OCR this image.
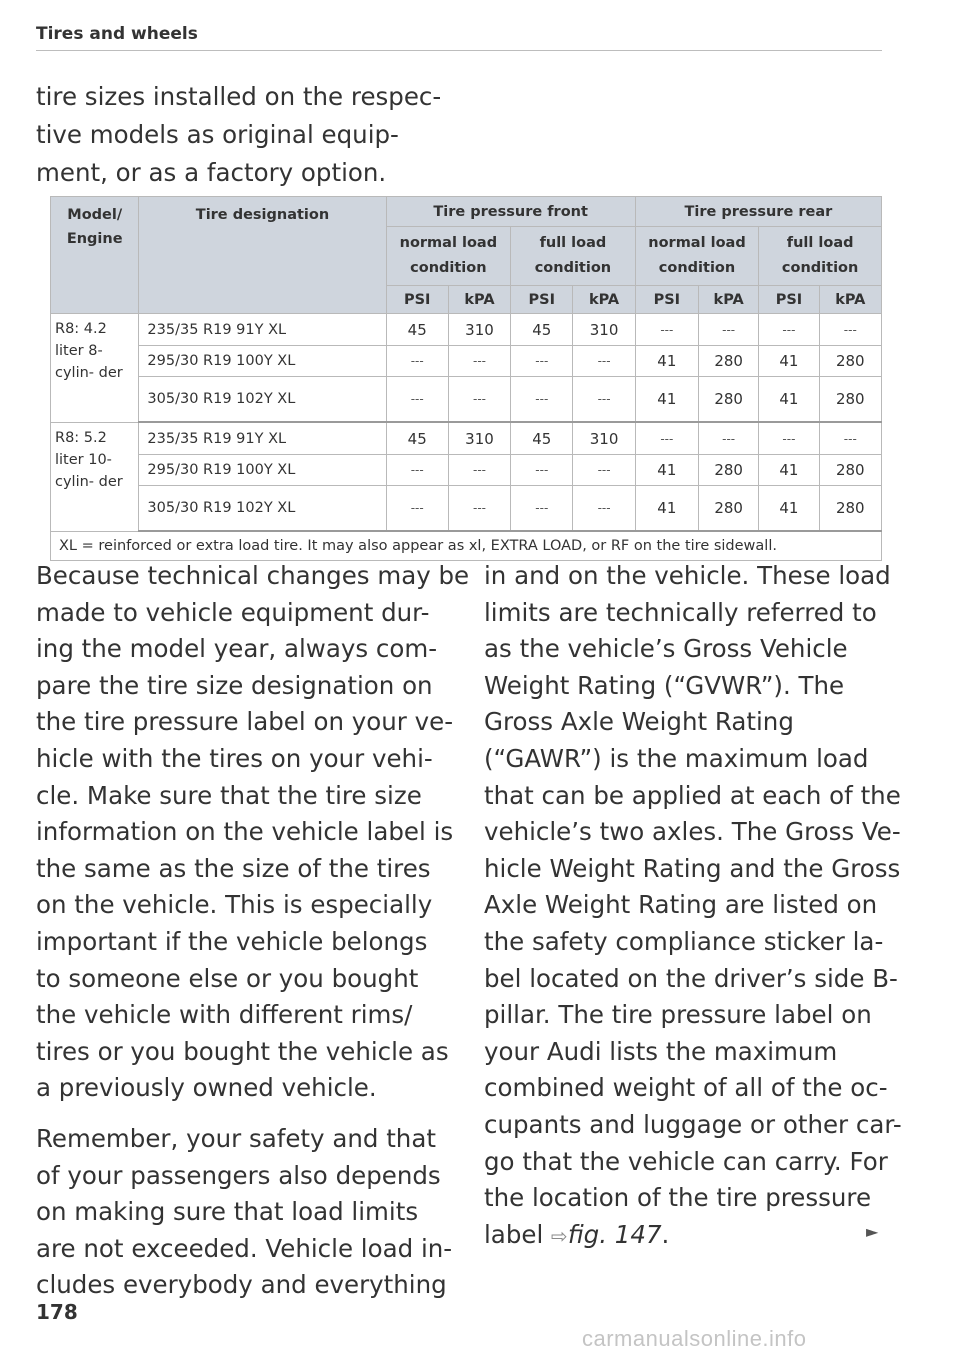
Tires and wheels
tire sizes installed on the respec-
tive models as original equip-
ment, or as a factory option.
Model/ Engine	Tire designation	Tire pressure front				Tire pressure rear			
		normal load condition		full load condition		normal load condition		full load condition	
		PSI	kPA	PSI	kPA	PSI	kPA	PSI	kPA
R8: 4.2 liter 8-cylin- der	235/35 R19 91Y XL	45	310	45	310	---	---	---	---
	295/30 R19 100Y XL	---	---	---	---	41	280	41	280
	305/30 R19 102Y XL	---	---	---	---	41	280	41	280
R8: 5.2 liter 10-cylin- der	235/35 R19 91Y XL	45	310	45	310	---	---	---	---
	295/30 R19 100Y XL	---	---	---	---	41	280	41	280
	305/30 R19 102Y XL	---	---	---	---	41	280	41	280
XL = reinforced or extra load tire. It may also appear as xl, EXTRA LOAD, or RF on the tire sidewall.									
Because technical changes may be
made to vehicle equipment dur-
ing the model year, always com-
pare the tire size designation on
the tire pressure label on your ve-
hicle with the tires on your vehi-
cle. Make sure that the tire size
information on the vehicle label is
the same as the size of the tires
on the vehicle. This is especially
important if the vehicle belongs
to someone else or you bought
the vehicle with different rims/
tires or you bought the vehicle as
a previously owned vehicle.
Remember, your safety and that
of your passengers also depends
on making sure that load limits
are not exceeded. Vehicle load in-
cludes everybody and everything
in and on the vehicle. These load
limits are technically referred to
as the vehicle’s Gross Vehicle
Weight Rating (“GVWR”). The
Gross Axle Weight Rating
(“GAWR”) is the maximum load
that can be applied at each of the
vehicle’s two axles. The Gross Ve-
hicle Weight Rating and the Gross
Axle Weight Rating are listed on
the safety compliance sticker la-
bel located on the driver’s side B-
pillar. The tire pressure label on
your Audi lists the maximum
combined weight of all of the oc-
cupants and luggage or other car-
go that the vehicle can carry. For
the location of the tire pressure
label ⇨fig. 147.	►
178
carmanualsonline.info
